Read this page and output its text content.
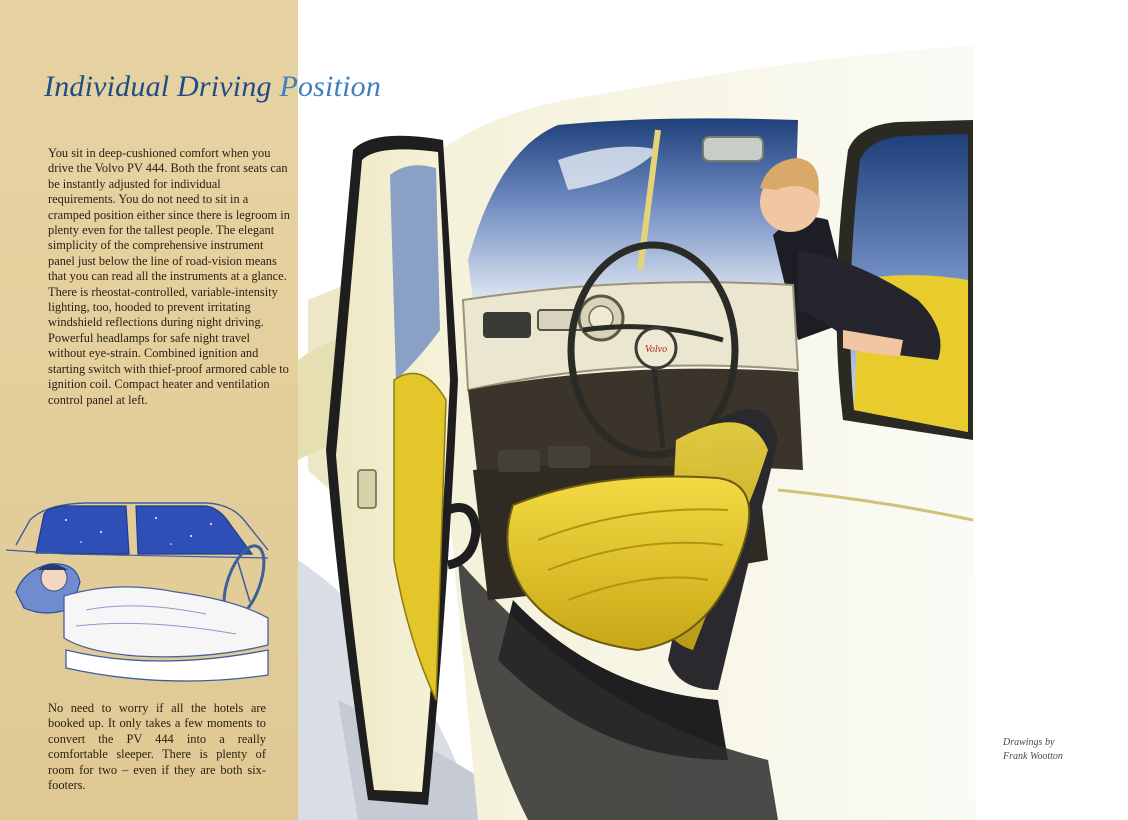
Individual Driving Position

You sit in deep-cushioned comfort when you drive the Volvo PV 444. Both the front seats can be instantly adjusted for individual requirements. You do not need to sit in a cramped position either since there is legroom in plenty even for the tallest people. The elegant simplicity of the comprehensive instrument panel just below the line of road-vision means that you can read all the instruments at a glance. There is rheostat-controlled, variable-intensity lighting, too, hooded to prevent irritating windshield reflections during night driving. Powerful headlamps for safe night travel without eye-strain. Combined ignition and starting switch with thief-proof armored cable to ignition coil. Compact heater and ventilation control panel at left.

No need to worry if all the hotels are booked up. It only takes a few moments to convert the PV 444 into a really comfortable sleeper. There is plenty of room for two – even if they are both six-footers.

Volvo

Drawings by
Frank Wootton
